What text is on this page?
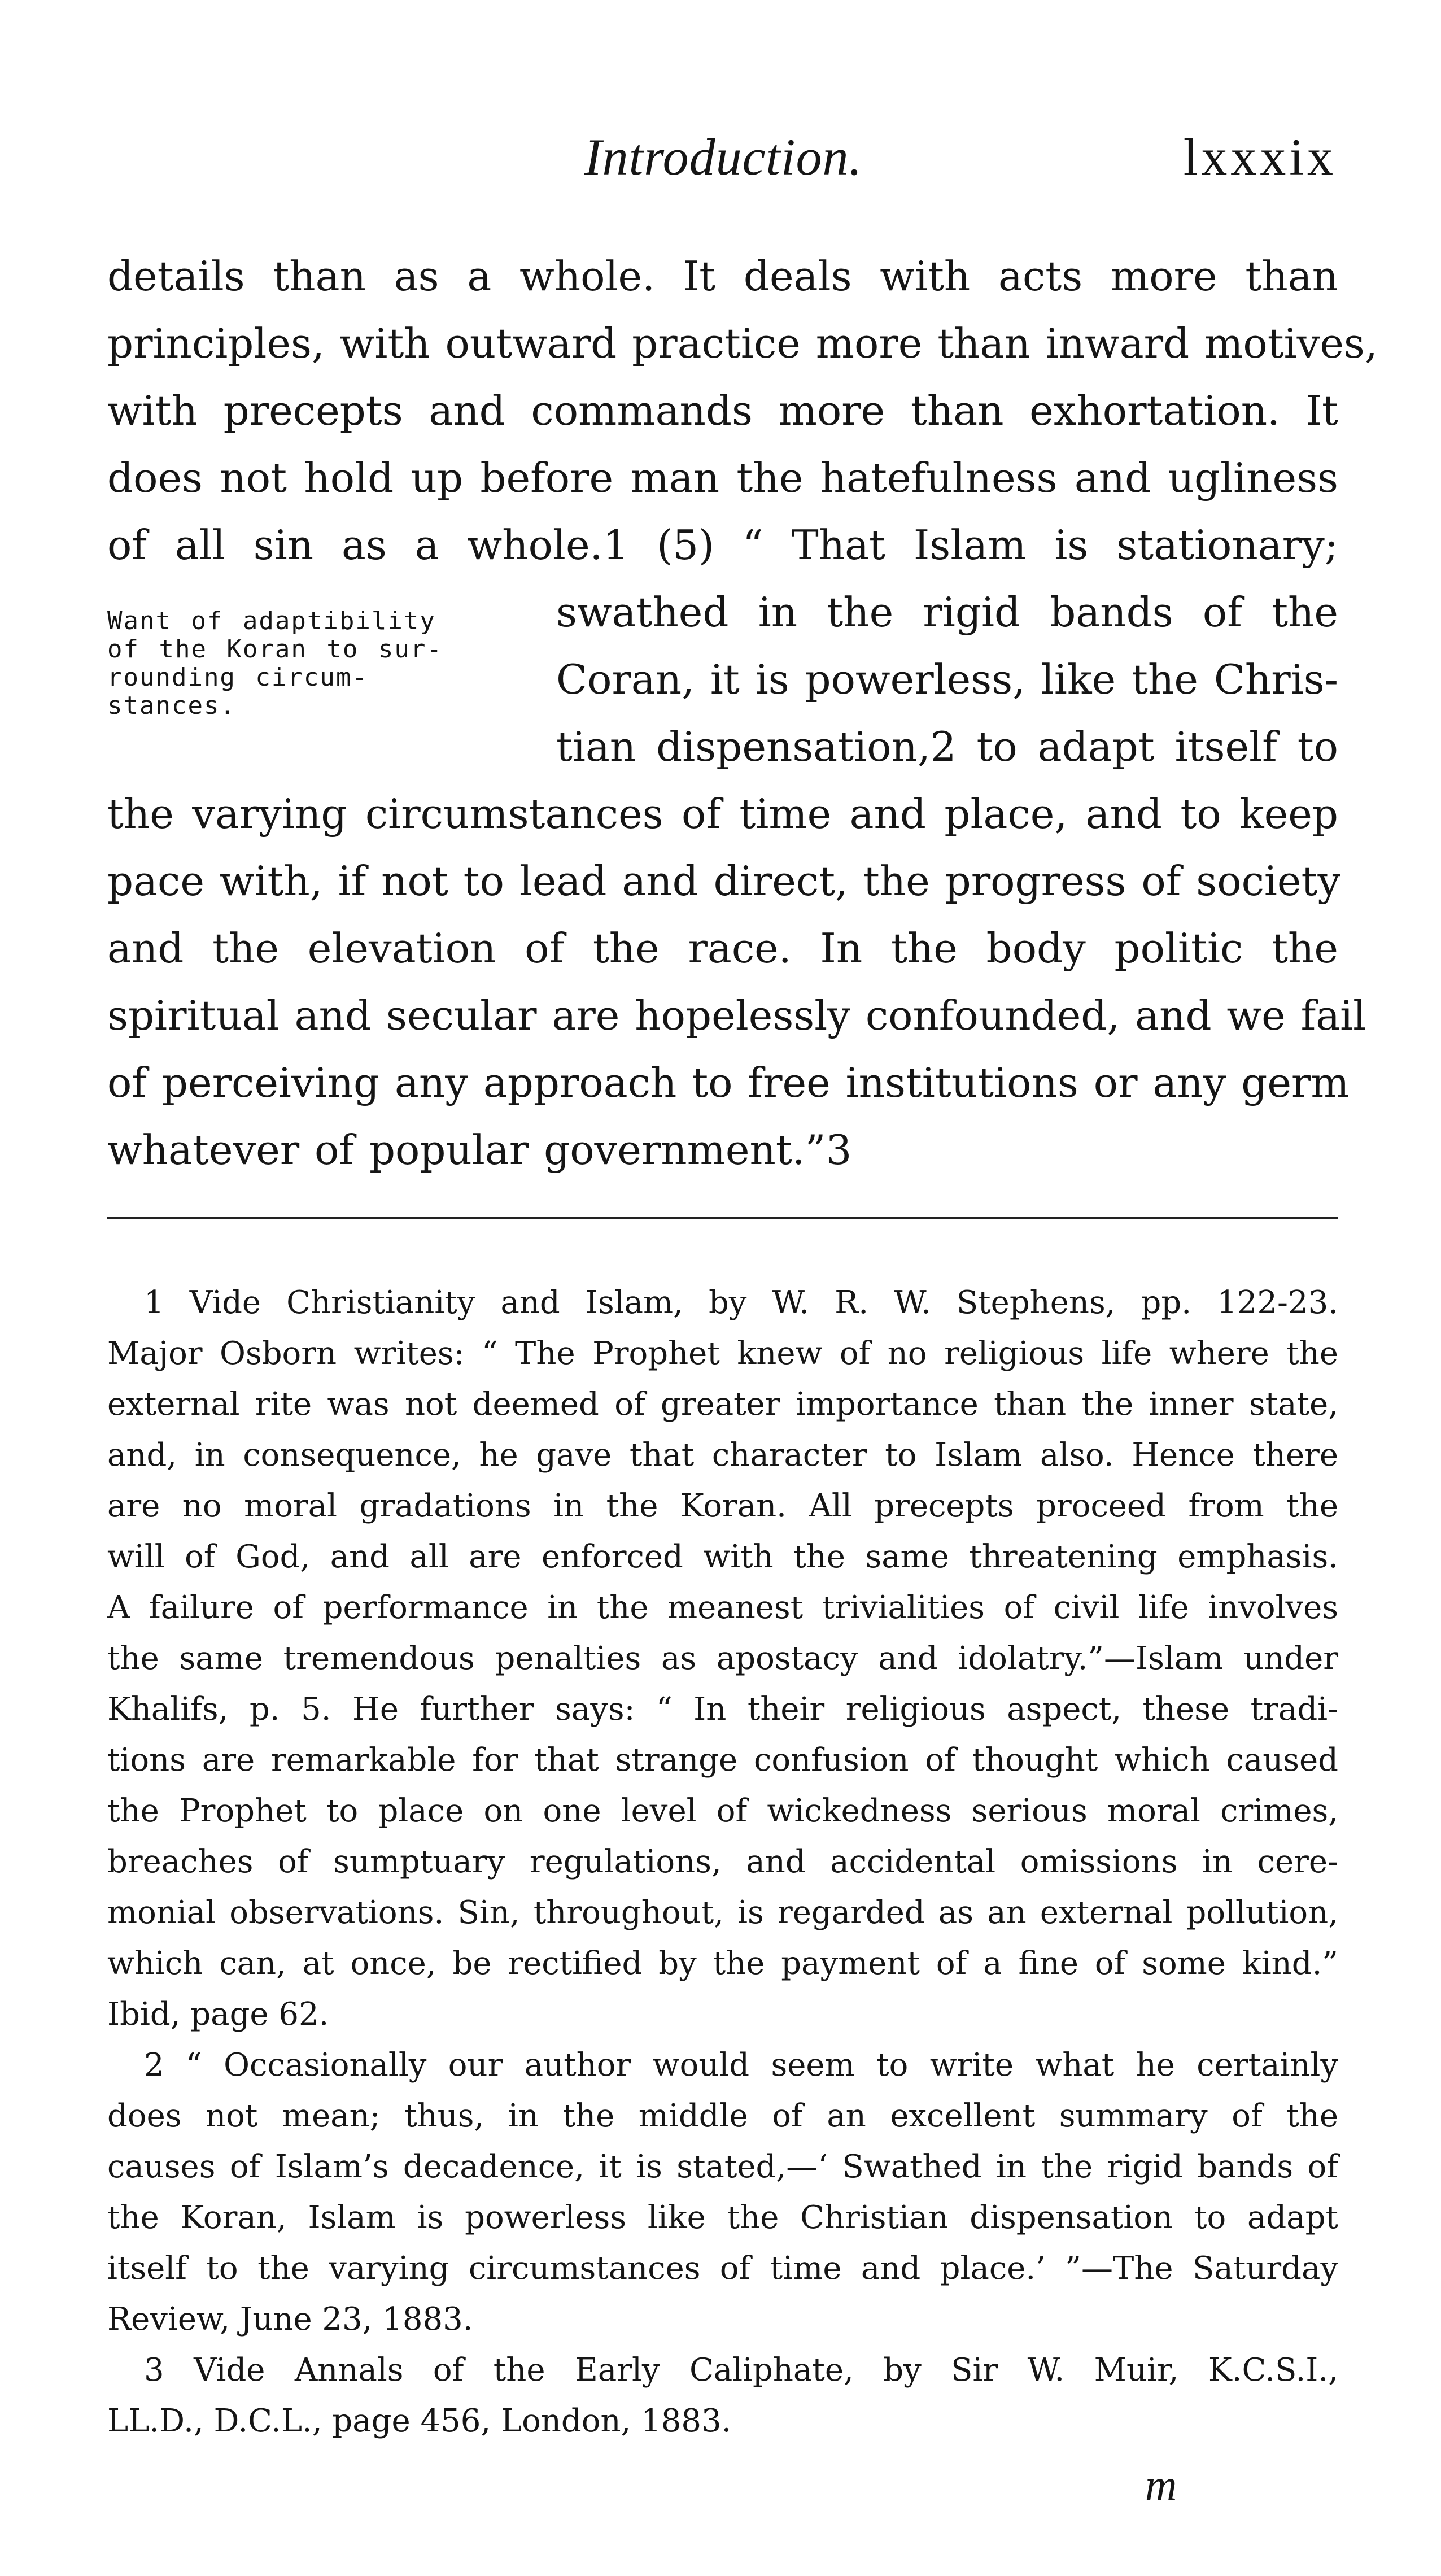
Introduction.	lxxxix
details than as a whole. It deals with acts more than
principles, with outward practice more than inward motives,
with precepts and commands more than exhortation. It
does not hold up before man the hatefulness and ugliness
of all sin as a whole.1 (5) “ That Islam is stationary;
swathed in the rigid bands of the
Coran, it is powerless, like the Chris-
tian dispensation,2 to adapt itself to
the varying circumstances of time and place, and to keep
pace with, if not to lead and direct, the progress of society
and the elevation of the race. In the body politic the
spiritual and secular are hopelessly confounded, and we fail
of perceiving any approach to free institutions or any germ
whatever of popular government.”3
Want of adaptibility
of the Koran to sur-
rounding circum-
stances.
1 Vide Christianity and Islam, by W. R. W. Stephens, pp. 122-23.
Major Osborn writes: “ The Prophet knew of no religious life where the
external rite was not deemed of greater importance than the inner state,
and, in consequence, he gave that character to Islam also. Hence there
are no moral gradations in the Koran. All precepts proceed from the
will of God, and all are enforced with the same threatening emphasis.
A failure of performance in the meanest trivialities of civil life involves
the same tremendous penalties as apostacy and idolatry.”—Islam under
Khalifs, p. 5. He further says: “ In their religious aspect, these tradi-
tions are remarkable for that strange confusion of thought which caused
the Prophet to place on one level of wickedness serious moral crimes,
breaches of sumptuary regulations, and accidental omissions in cere-
monial observations. Sin, throughout, is regarded as an external pollution,
which can, at once, be rectified by the payment of a fine of some kind.”
Ibid, page 62.
2 “ Occasionally our author would seem to write what he certainly
does not mean; thus, in the middle of an excellent summary of the
causes of Islam’s decadence, it is stated,—‘ Swathed in the rigid bands of
the Koran, Islam is powerless like the Christian dispensation to adapt
itself to the varying circumstances of time and place.’ ”—The Saturday
Review, June 23, 1883.
3 Vide Annals of the Early Caliphate, by Sir W. Muir, K.C.S.I.,
LL.D., D.C.L., page 456, London, 1883.
m
